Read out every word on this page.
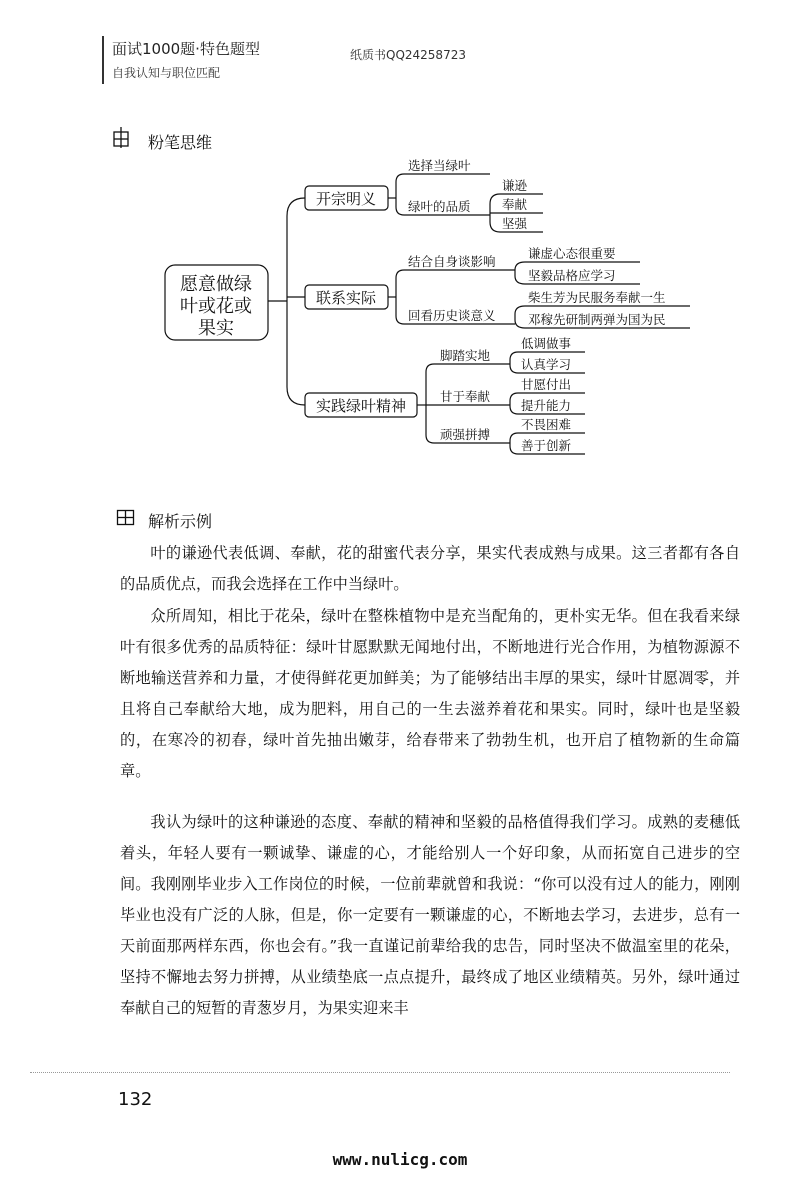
面试1000题·特色题型
自我认知与职位匹配
纸质书QQ24258723
粉笔思维
愿意做绿
叶或花或
果实
开宗明义
联系实际
实践绿叶精神
选择当绿叶
绿叶的品质
谦逊
奉献
坚强
结合自身谈影响
回看历史谈意义
谦虚心态很重要
坚毅品格应学习
柴生芳为民服务奉献一生
邓稼先研制两弹为国为民
脚踏实地
甘于奉献
顽强拼搏
低调做事
认真学习
甘愿付出
提升能力
不畏困难
善于创新
解析示例

叶的谦逊代表低调、奉献，花的甜蜜代表分享，果实代表成熟与成果。这三者都有各自的品质优点，而我会选择在工作中当绿叶。

众所周知，相比于花朵，绿叶在整株植物中是充当配角的，更朴实无华。但在我看来绿叶有很多优秀的品质特征：绿叶甘愿默默无闻地付出，不断地进行光合作用，为植物源源不断地输送营养和力量，才使得鲜花更加鲜美；为了能够结出丰厚的果实，绿叶甘愿凋零，并且将自己奉献给大地，成为肥料，用自己的一生去滋养着花和果实。同时，绿叶也是坚毅的，在寒冷的初春，绿叶首先抽出嫩芽，给春带来了勃勃生机，也开启了植物新的生命篇章。

我认为绿叶的这种谦逊的态度、奉献的精神和坚毅的品格值得我们学习。成熟的麦穗低着头，年轻人要有一颗诚挚、谦虚的心，才能给别人一个好印象，从而拓宽自己进步的空间。我刚刚毕业步入工作岗位的时候，一位前辈就曾和我说：“你可以没有过人的能力，刚刚毕业也没有广泛的人脉，但是，你一定要有一颗谦虚的心，不断地去学习，去进步，总有一天前面那两样东西，你也会有。”我一直谨记前辈给我的忠告，同时坚决不做温室里的花朵，坚持不懈地去努力拼搏，从业绩垫底一点点提升，最终成了地区业绩精英。另外，绿叶通过奉献自己的短暂的青葱岁月，为果实迎来丰

132
www.nulicg.com
